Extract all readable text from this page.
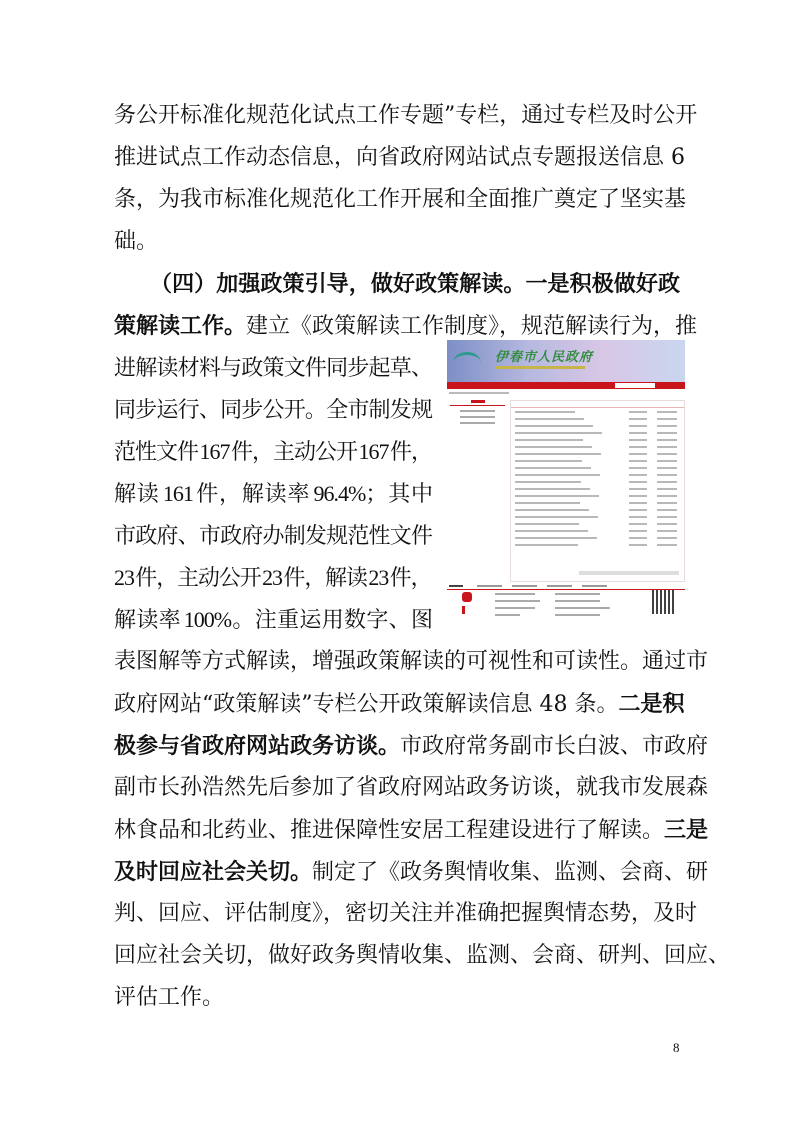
务公开标准化规范化试点工作专题”专栏，通过专栏及时公开
推进试点工作动态信息，向省政府网站试点专题报送信息 6
条，为我市标准化规范化工作开展和全面推广奠定了坚实基
础。
（四）加强政策引导，做好政策解读。一是积极做好政
策解读工作。建立《政策解读工作制度》，规范解读行为，推
进解读材料与政策文件同步起草、
同步运行、同步公开。全市制发规
范性文件 167 件，主动公开 167 件，
解读 161 件，解读率 96.4%；其中
市政府、市政府办制发规范性文件
23 件，主动公开 23 件，解读 23 件，
解读率 100%。注重运用数字、图
表图解等方式解读，增强政策解读的可视性和可读性。通过市
政府网站“政策解读”专栏公开政策解读信息 48 条。二是积
极参与省政府网站政务访谈。市政府常务副市长白波、市政府
副市长孙浩然先后参加了省政府网站政务访谈，就我市发展森
林食品和北药业、推进保障性安居工程建设进行了解读。三是
及时回应社会关切。制定了《政务舆情收集、监测、会商、研
判、回应、评估制度》，密切关注并准确把握舆情态势，及时
回应社会关切，做好政务舆情收集、监测、会商、研判、回应、
评估工作。
伊春市人民政府
8
